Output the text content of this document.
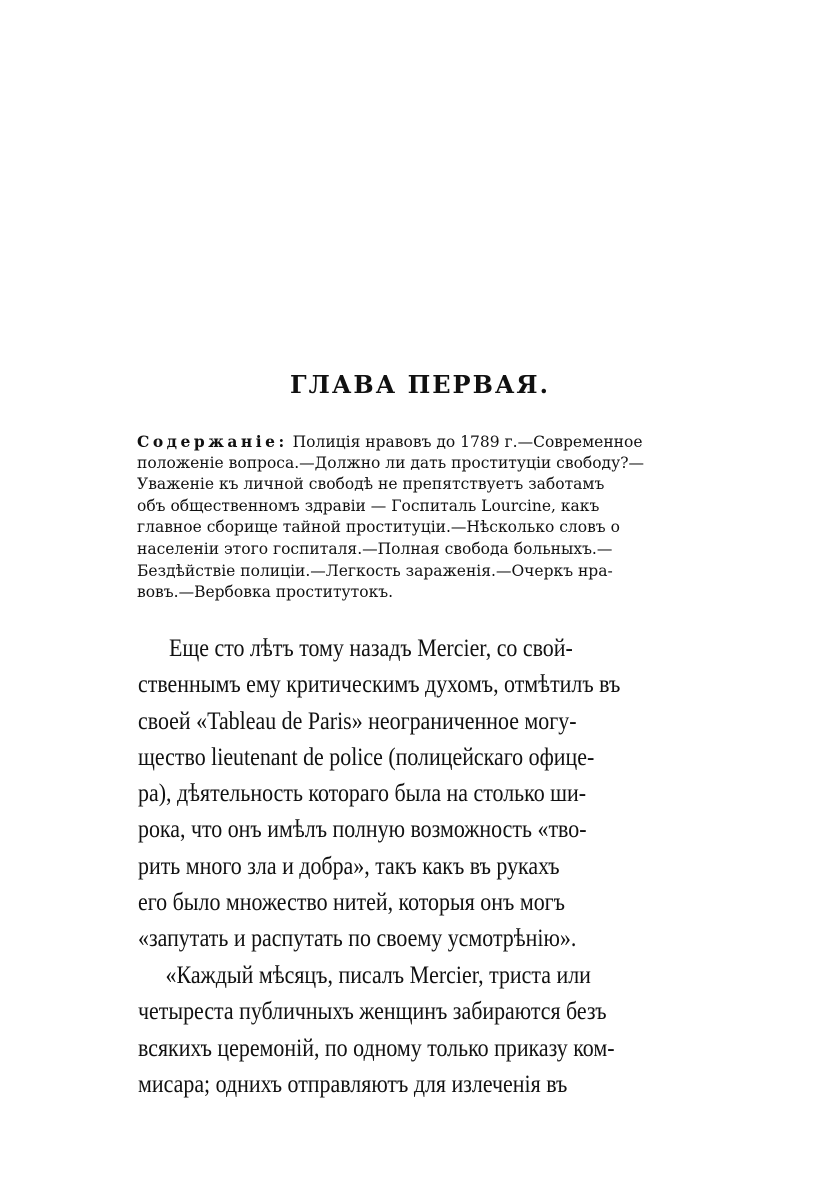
ГЛАВА ПЕРВАЯ.
Содержаніе: Полиція нравовъ до 1789 г.—Современное
положеніе вопроса.—Должно ли дать проституціи свободу?—
Уваженіе къ личной свободѣ не препятствуетъ заботамъ
объ общественномъ здравіи — Госпиталь Lourcine, какъ
главное сборище тайной проституціи.—Нѣсколько словъ о
населеніи этого госпиталя.—Полная свобода больныхъ.—
Бездѣйствіе полиціи.—Легкость зараженія.—Очеркъ нра-
вовъ.—Вербовка проститутокъ.
Еще сто лѣтъ тому назадъ Mercier, со свой-
ственнымъ ему критическимъ духомъ, отмѣтилъ въ
своей «Tableau de Paris» неограниченное могу-
щество lieutenant de police (полицейскаго офице-
ра), дѣятельность котораго была на столько ши-
рока, что онъ имѣлъ полную возможность «тво-
рить много зла и добра», такъ какъ въ рукахъ
его было множество нитей, которыя онъ могъ
«запутать и распутать по своему усмотрѣнію».
«Каждый мѣсяцъ, писалъ Mercier, триста или
четыреста публичныхъ женщинъ забираются безъ
всякихъ церемоній, по одному только приказу ком-
мисара; однихъ отправляютъ для излеченія въ
